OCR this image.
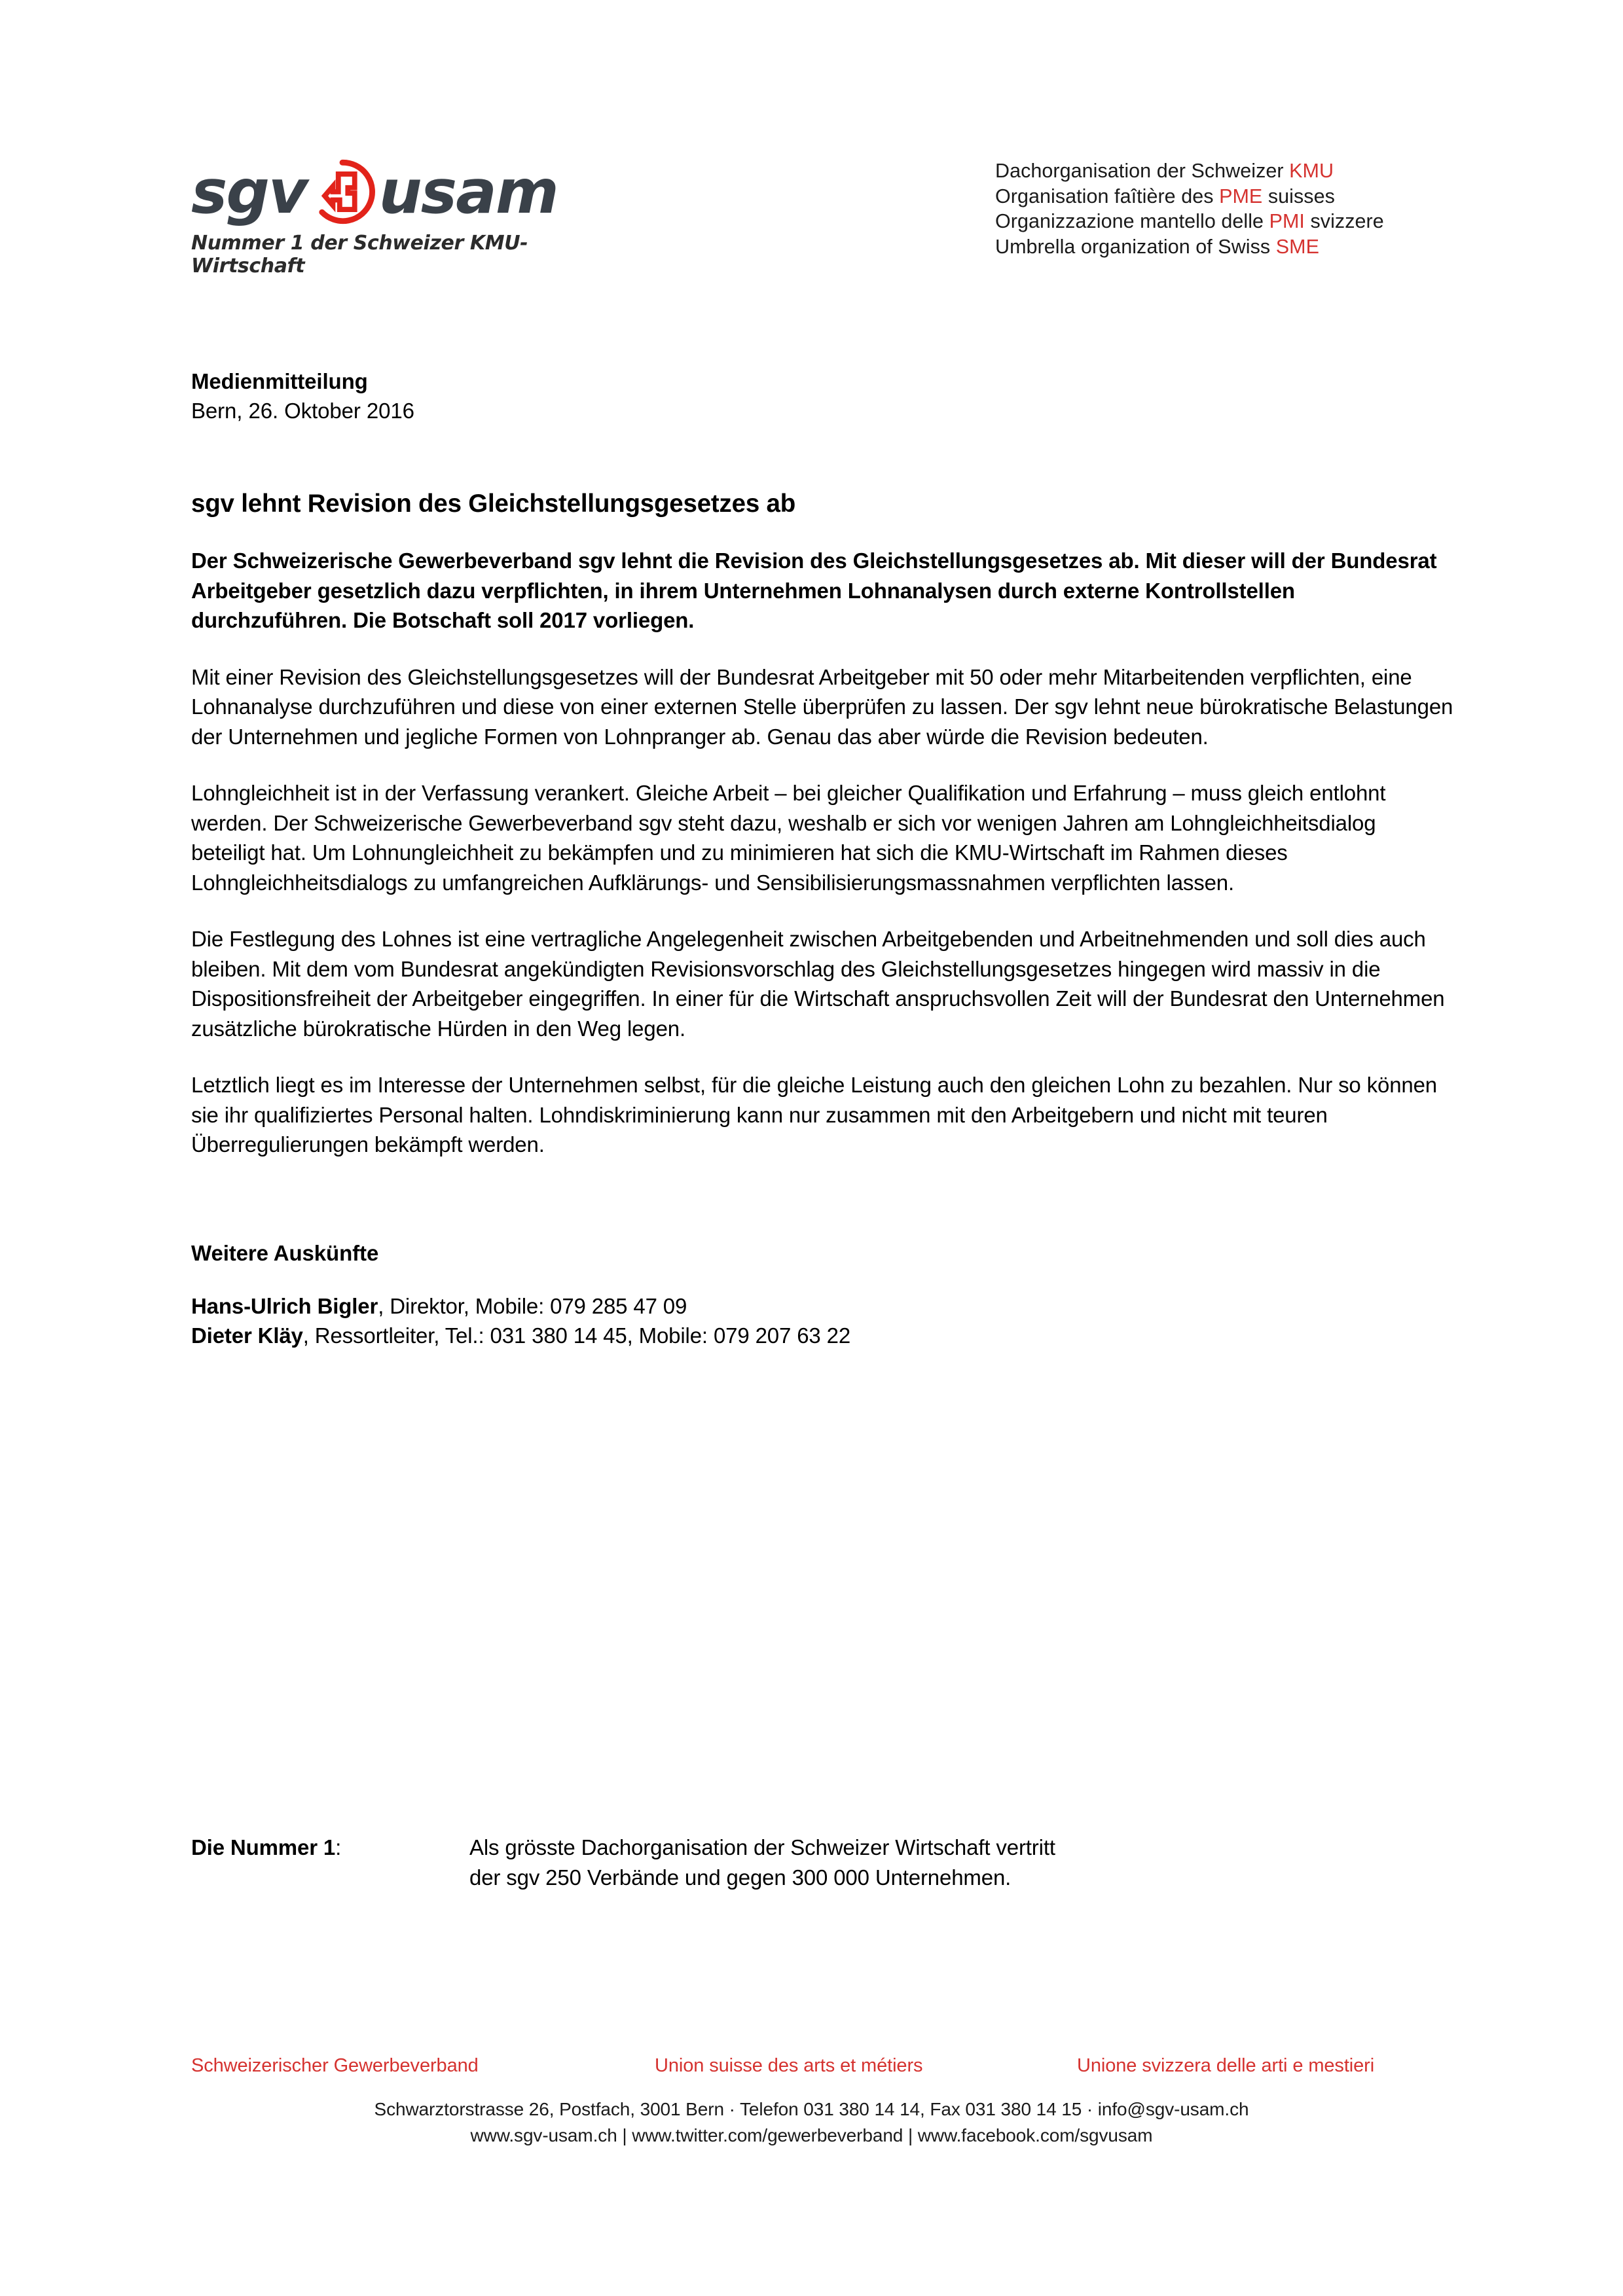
sgv usam
Nummer 1 der Schweizer KMU-Wirtschaft
Dachorganisation der Schweizer KMU
Organisation faîtière des PME suisses
Organizzazione mantello delle PMI svizzere
Umbrella organization of Swiss SME
Medienmitteilung
Bern, 26. Oktober 2016
sgv lehnt Revision des Gleichstellungsgesetzes ab
Der Schweizerische Gewerbeverband sgv lehnt die Revision des Gleichstellungsgesetzes ab. Mit dieser will der Bundesrat Arbeitgeber gesetzlich dazu verpflichten, in ihrem Unternehmen Lohnanalysen durch externe Kontrollstellen durchzuführen. Die Botschaft soll 2017 vorliegen.

Mit einer Revision des Gleichstellungsgesetzes will der Bundesrat Arbeitgeber mit 50 oder mehr Mitarbeitenden verpflichten, eine Lohnanalyse durchzuführen und diese von einer externen Stelle überprüfen zu lassen. Der sgv lehnt neue bürokratische Belastungen der Unternehmen und jegliche Formen von Lohnpranger ab. Genau das aber würde die Revision bedeuten.

Lohngleichheit ist in der Verfassung verankert. Gleiche Arbeit – bei gleicher Qualifikation und Erfahrung – muss gleich entlohnt werden. Der Schweizerische Gewerbeverband sgv steht dazu, weshalb er sich vor wenigen Jahren am Lohngleichheitsdialog beteiligt hat. Um Lohnungleichheit zu bekämpfen und zu minimieren hat sich die KMU-Wirtschaft im Rahmen dieses Lohngleichheitsdialogs zu umfangreichen Aufklärungs- und Sensibilisierungsmassnahmen verpflichten lassen.

Die Festlegung des Lohnes ist eine vertragliche Angelegenheit zwischen Arbeitgebenden und Arbeitnehmenden und soll dies auch bleiben. Mit dem vom Bundesrat angekündigten Revisionsvorschlag des Gleichstellungsgesetzes hingegen wird massiv in die Dispositionsfreiheit der Arbeitgeber eingegriffen. In einer für die Wirtschaft anspruchsvollen Zeit will der Bundesrat den Unternehmen zusätzliche bürokratische Hürden in den Weg legen.

Letztlich liegt es im Interesse der Unternehmen selbst, für die gleiche Leistung auch den gleichen Lohn zu bezahlen. Nur so können sie ihr qualifiziertes Personal halten. Lohndiskriminierung kann nur zusammen mit den Arbeitgebern und nicht mit teuren Überregulierungen bekämpft werden.

Weitere Auskünfte
Hans-Ulrich Bigler, Direktor, Mobile: 079 285 47 09
Dieter Kläy, Ressortleiter, Tel.: 031 380 14 45, Mobile: 079 207 63 22
Die Nummer 1:	Als grösste Dachorganisation der Schweizer Wirtschaft vertritt
der sgv 250 Verbände und gegen 300 000 Unternehmen.
Schweizerischer Gewerbeverband	Union suisse des arts et métiers	Unione svizzera delle arti e mestieri
Schwarztorstrasse 26, Postfach, 3001 Bern · Telefon 031 380 14 14, Fax 031 380 14 15 · info@sgv-usam.ch
www.sgv-usam.ch | www.twitter.com/gewerbeverband | www.facebook.com/sgvusam
